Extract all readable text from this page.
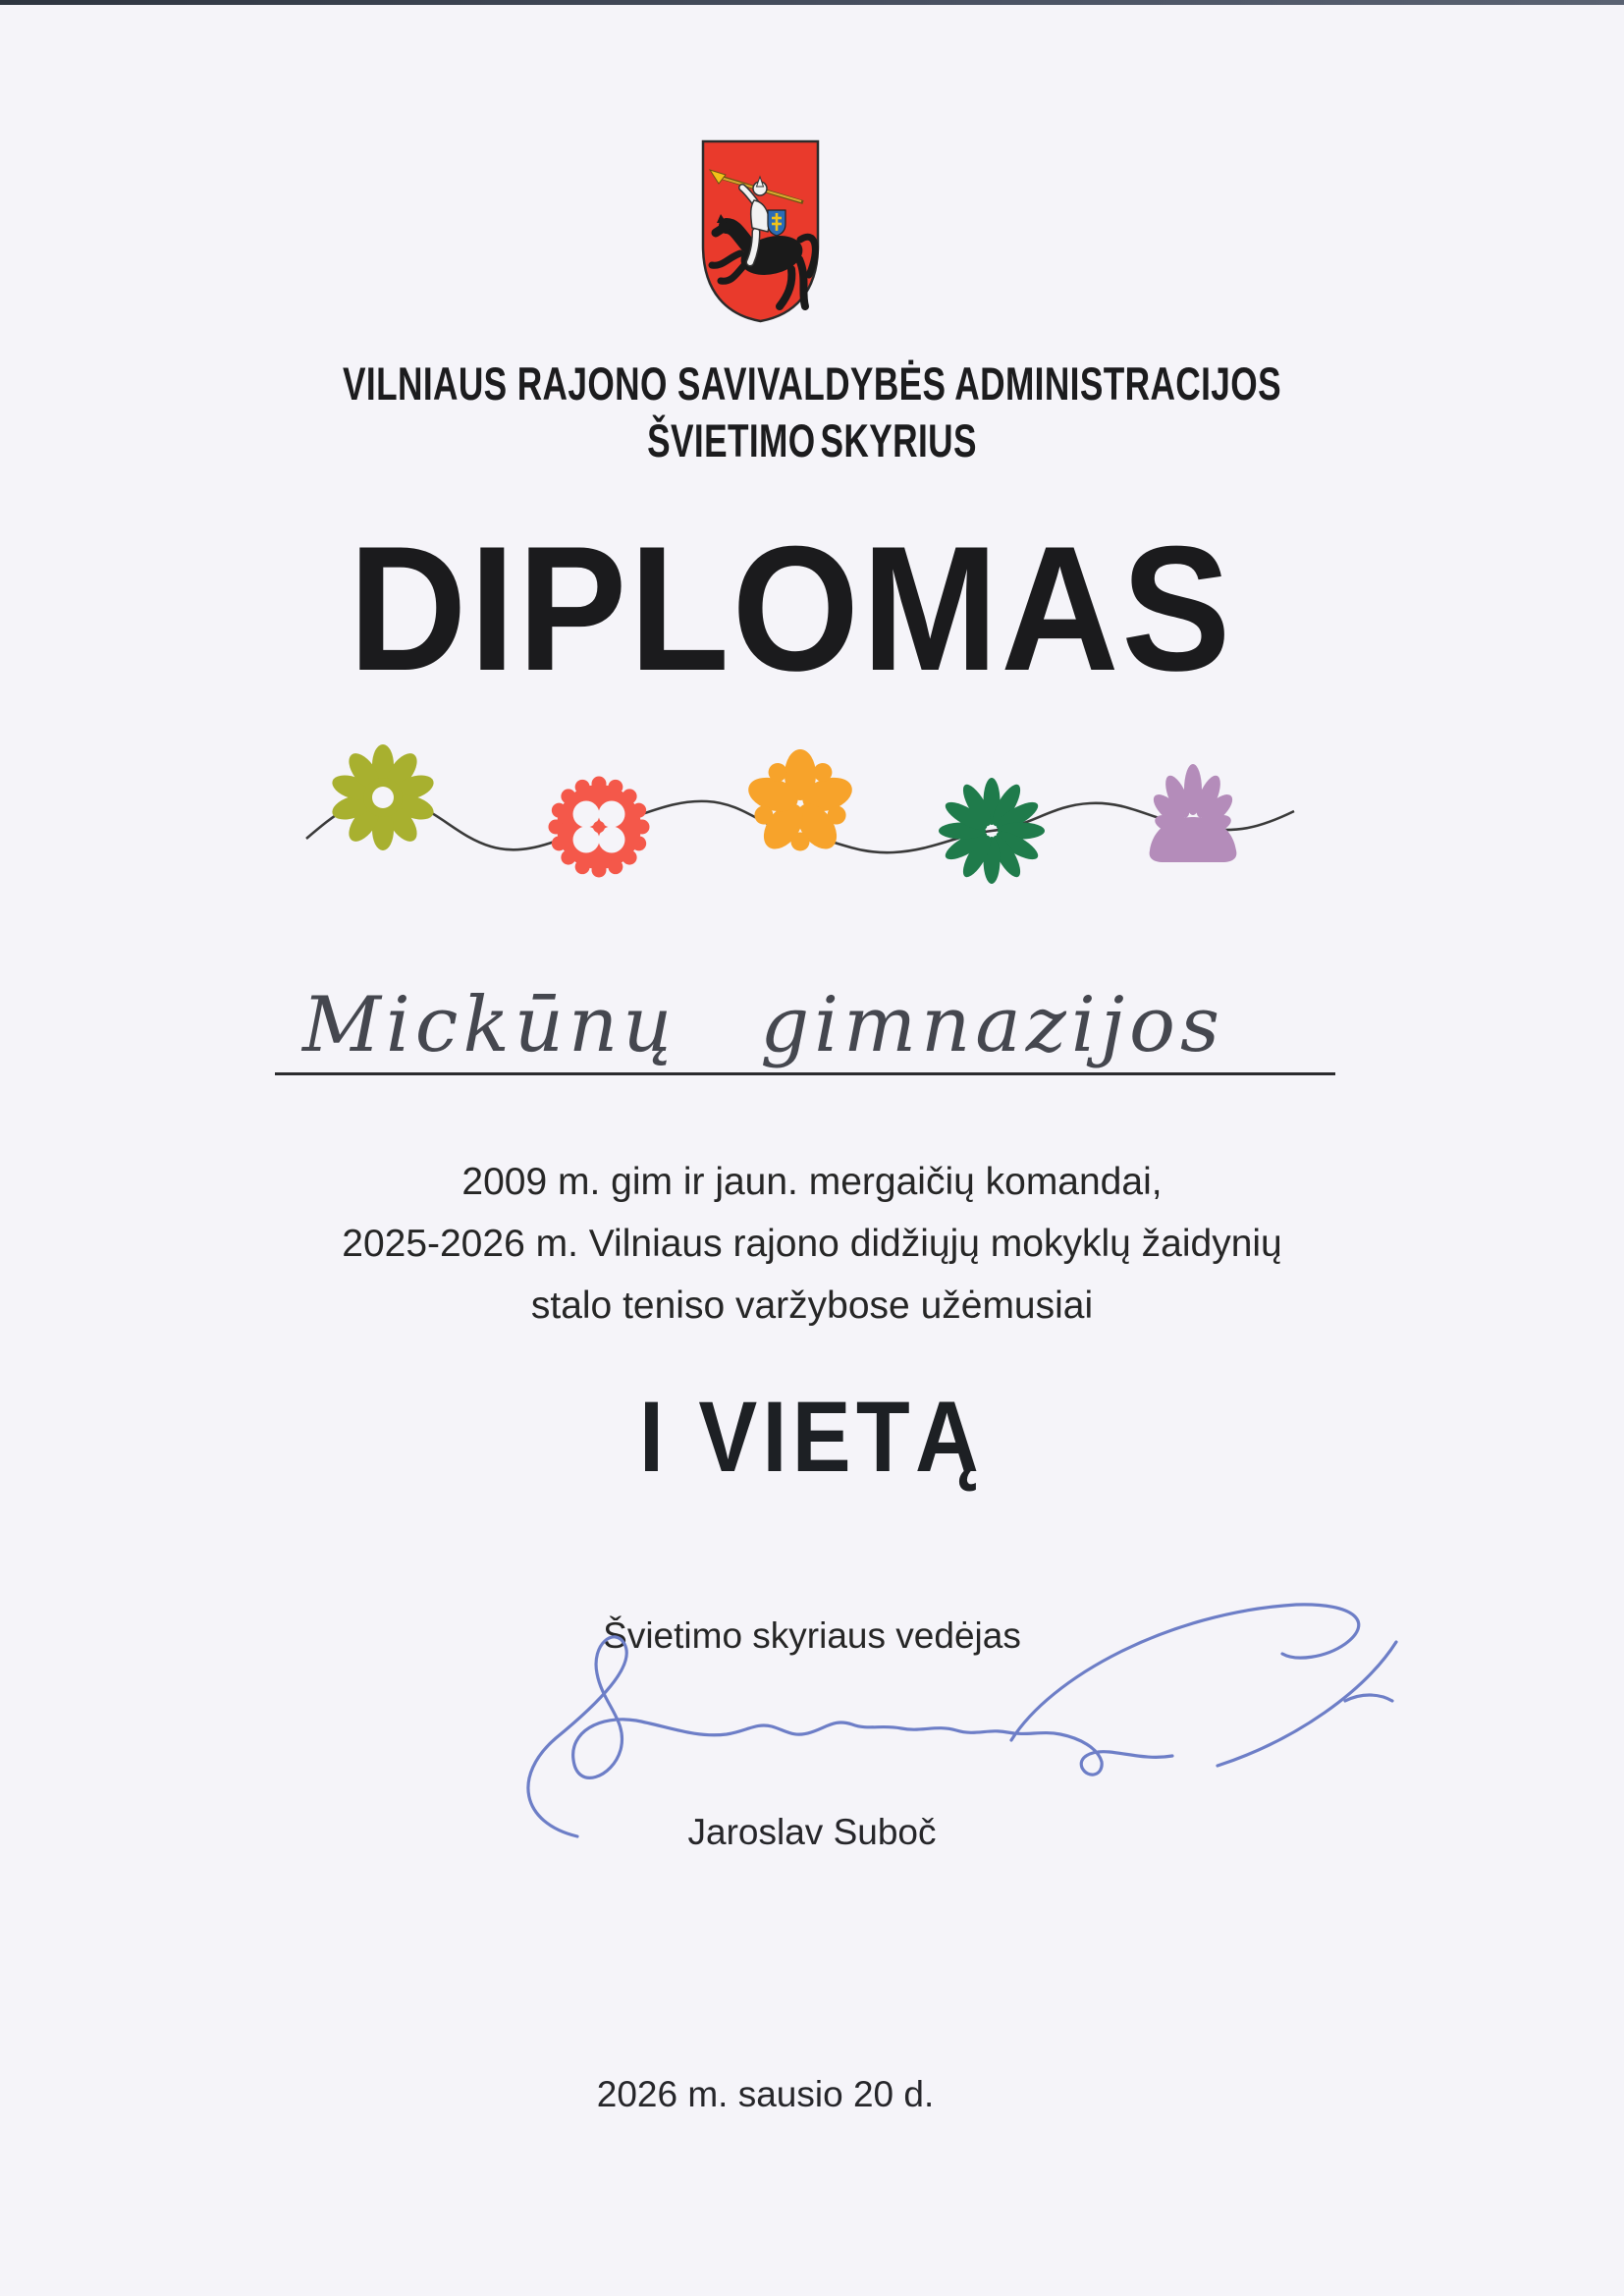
VILNIAUS RAJONO SAVIVALDYBĖS ADMINISTRACIJOS
ŠVIETIMO SKYRIUS
DIPLOMAS
Mickūnų gimnazijos
2009 m. gim ir jaun. mergaičių komandai,
2025-2026 m. Vilniaus rajono didžiųjų mokyklų žaidynių
stalo teniso varžybose užėmusiai
I VIETĄ
Švietimo skyriaus vedėjas
Jaroslav Suboč
2026 m. sausio 20 d.
